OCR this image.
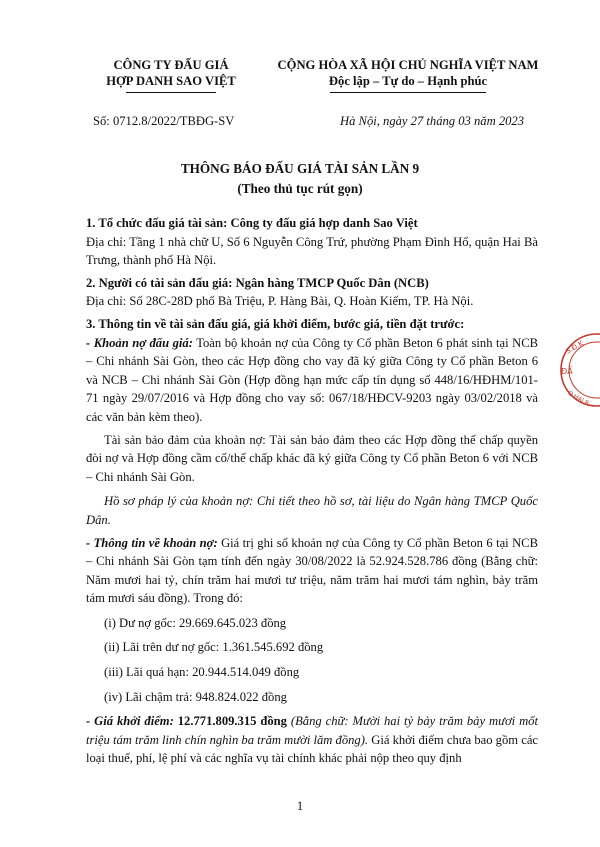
CÔNG TY ĐẤU GIÁ
HỢP DANH SAO VIỆT
CỘNG HÒA XÃ HỘI CHỦ NGHĨA VIỆT NAM
Độc lập – Tự do – Hạnh phúc
Số: 0712.8/2022/TBĐG-SV	Hà Nội, ngày 27 tháng 03 năm 2023
THÔNG BÁO ĐẤU GIÁ TÀI SẢN LẦN 9
(Theo thủ tục rút gọn)

1. Tổ chức đấu giá tài sản: Công ty đấu giá hợp danh Sao Việt

Địa chỉ: Tầng 1 nhà chữ U, Số 6 Nguyễn Công Trứ, phường Phạm Đình Hổ, quận Hai Bà Trưng, thành phố Hà Nội.

2. Người có tài sản đấu giá: Ngân hàng TMCP Quốc Dân (NCB)

Địa chỉ: Số 28C-28D phố Bà Triệu, P. Hàng Bài, Q. Hoàn Kiếm, TP. Hà Nội.

3. Thông tin về tài sản đấu giá, giá khởi điểm, bước giá, tiền đặt trước:

- Khoản nợ đấu giá: Toàn bộ khoản nợ của Công ty Cổ phần Beton 6 phát sinh tại NCB – Chi nhánh Sài Gòn, theo các Hợp đồng cho vay đã ký giữa Công ty Cổ phần Beton 6 và NCB – Chi nhánh Sài Gòn (Hợp đồng hạn mức cấp tín dụng số 448/16/HĐHM/101-71 ngày 29/07/2016 và Hợp đồng cho vay số: 067/18/HĐCV-9203 ngày 03/02/2018 và các văn bản kèm theo).

Tài sản bảo đảm của khoản nợ: Tài sản bảo đảm theo các Hợp đồng thế chấp quyền đòi nợ và Hợp đồng cầm cố/thế chấp khác đã ký giữa Công ty Cổ phần Beton 6 với NCB – Chi nhánh Sài Gòn.

Hồ sơ pháp lý của khoản nợ: Chi tiết theo hồ sơ, tài liệu do Ngân hàng TMCP Quốc Dân.

- Thông tin về khoản nợ: Giá trị ghi sổ khoản nợ của Công ty Cổ phần Beton 6 tại NCB – Chi nhánh Sài Gòn tạm tính đến ngày 30/08/2022 là 52.924.528.786 đồng (Bằng chữ: Năm mươi hai tỷ, chín trăm hai mươi tư triệu, năm trăm hai mươi tám nghìn, bảy trăm tám mươi sáu đồng). Trong đó:

(i) Dư nợ gốc: 29.669.645.023 đồng

(ii) Lãi trên dư nợ gốc: 1.361.545.692 đồng

(iii) Lãi quá hạn: 20.944.514.049 đồng

(iv) Lãi chậm trả: 948.824.022 đồng

- Giá khởi điểm: 12.771.809.315 đồng (Bằng chữ: Mười hai tỷ bảy trăm bảy mươi mốt triệu tám trăm linh chín nghìn ba trăm mười lăm đồng). Giá khởi điểm chưa bao gồm các loại thuế, phí, lệ phí và các nghĩa vụ tài chính khác phải nộp theo quy định

S.Đ.K
ĐẤ
Q.HAI B
1
